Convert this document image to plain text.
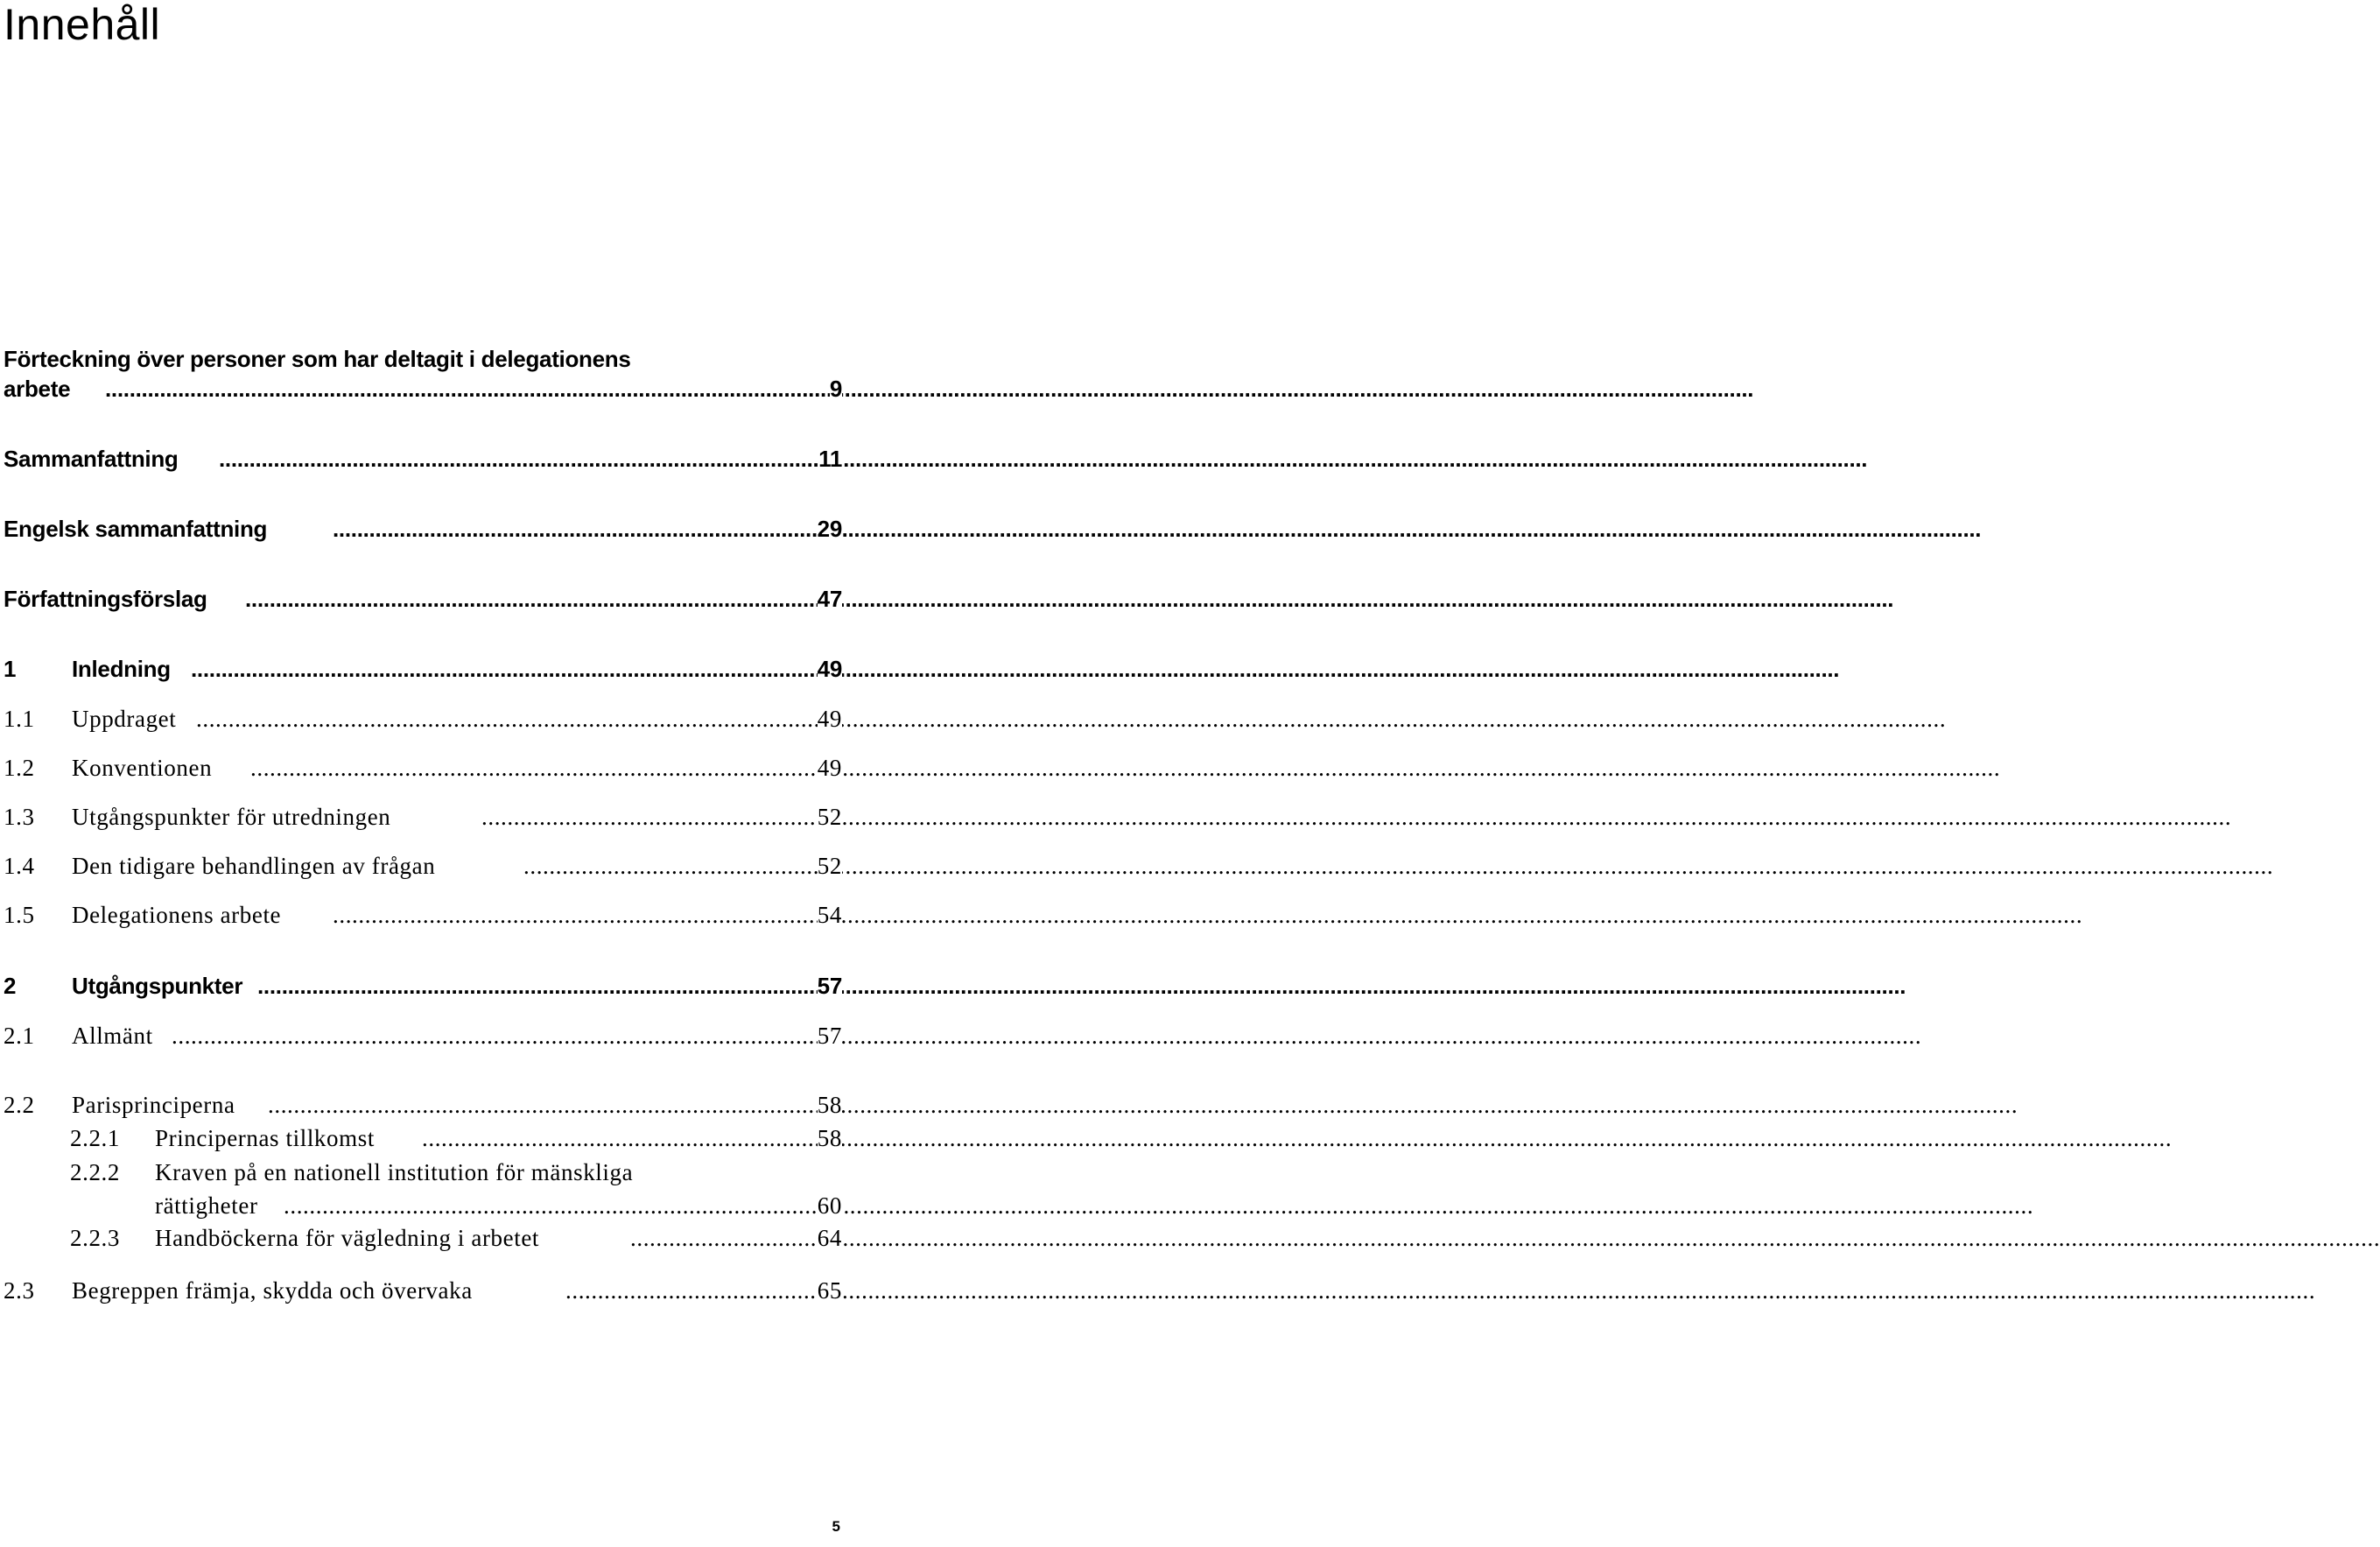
Innehåll
Förteckning över personer som har deltagit i delegationens
arbete .....	9
Sammanfattning .....	11
Engelsk sammanfattning .....	29
Författningsförslag .....	47
1 Inledning .....	49
1.1 Uppdraget .....	49
1.2 Konventionen .....	49
1.3 Utgångspunkter för utredningen .....	52
1.4 Den tidigare behandlingen av frågan .....	52
1.5 Delegationens arbete .....	54
2 Utgångspunkter .....	57
2.1 Allmänt .....	57
2.2 Parisprinciperna .....	58
2.2.1 Principernas tillkomst .....	58
2.2.2 Kraven på en nationell institution för mänskliga
rättigheter .....	60
2.2.3 Handböckerna för vägledning i arbetet .....	64
2.3 Begreppen främja, skydda och övervaka .....	65
5
